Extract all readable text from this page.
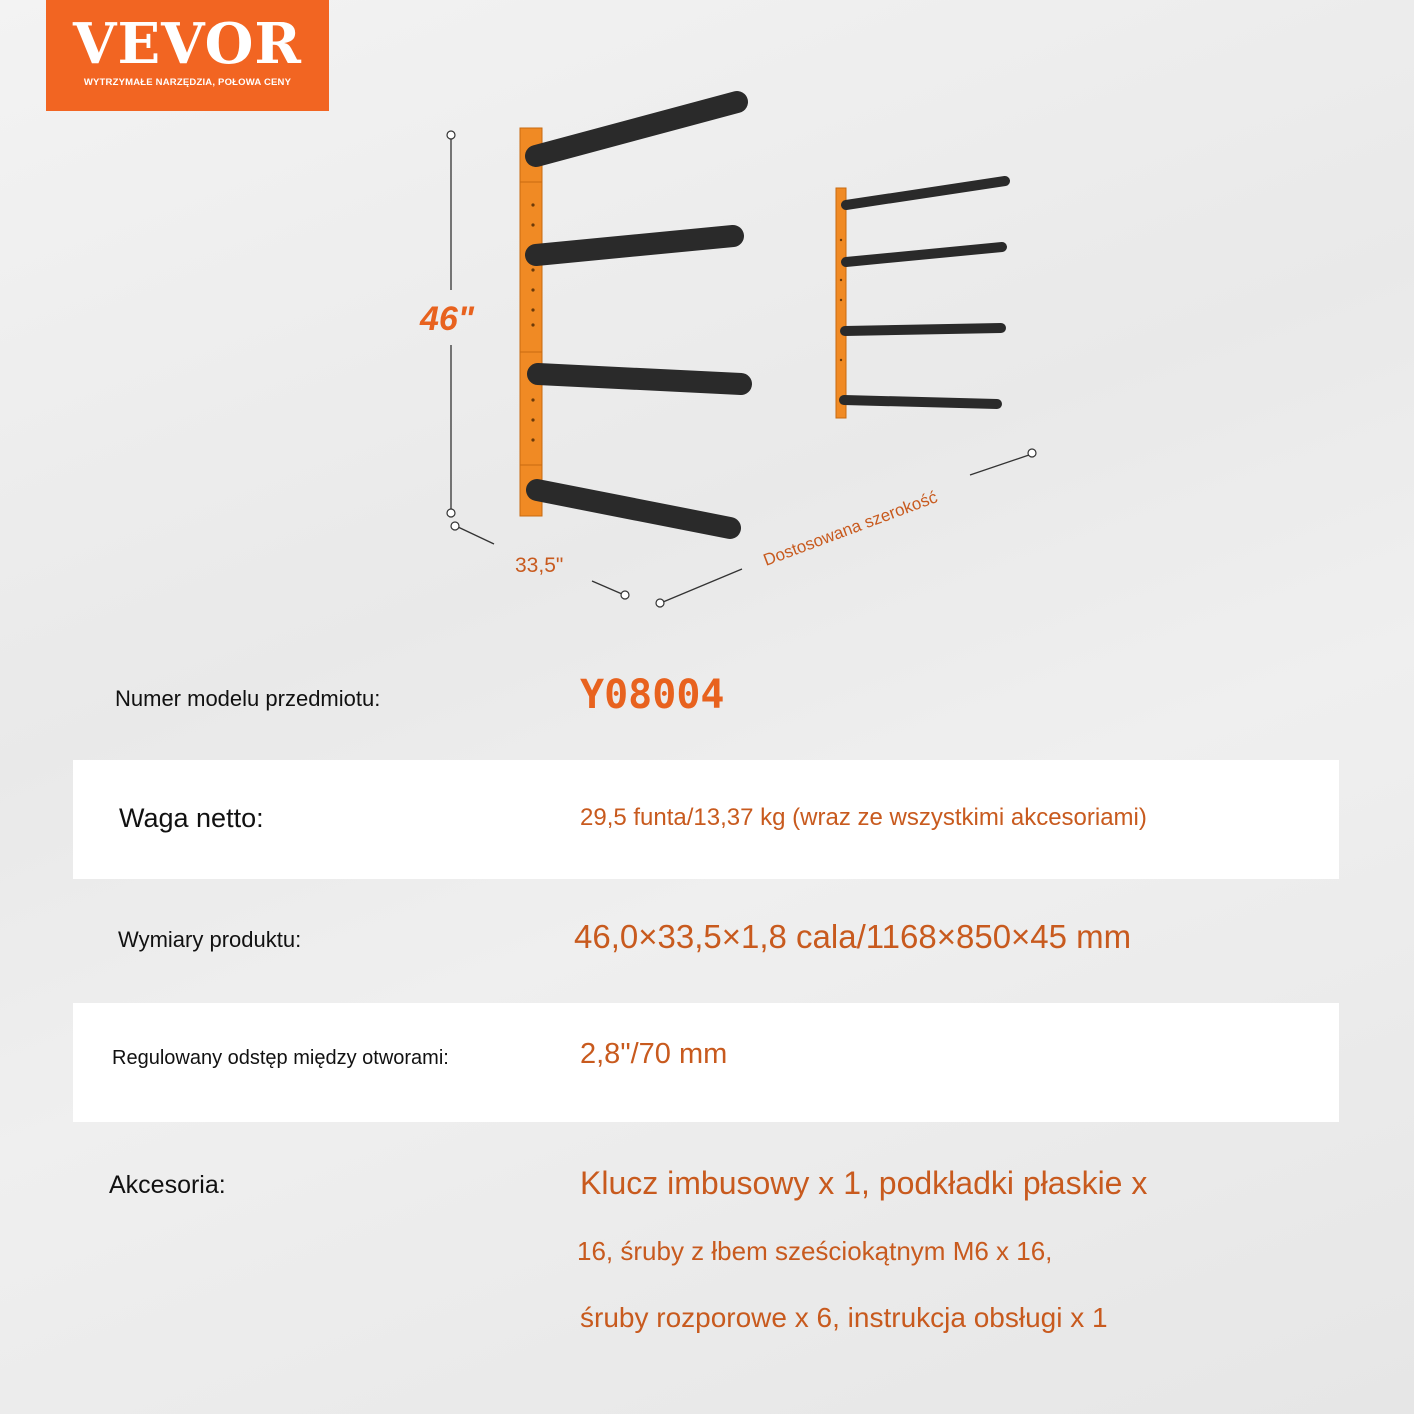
VEVOR
WYTRZYMAŁE NARZĘDZIA, POŁOWA CENY
46"
33,5"	Dostosowana szerokość
Numer modelu przedmiotu:	Y08004
Waga netto:	29,5 funta/13,37 kg (wraz ze wszystkimi akcesoriami)
Wymiary produktu:	46,0×33,5×1,8 cala/1168×850×45 mm
Regulowany odstęp między otworami:	2,8"/70 mm
Akcesoria:	Klucz imbusowy x 1, podkładki płaskie x
16, śruby z łbem sześciokątnym M6 x 16,
śruby rozporowe x 6, instrukcja obsługi x 1
